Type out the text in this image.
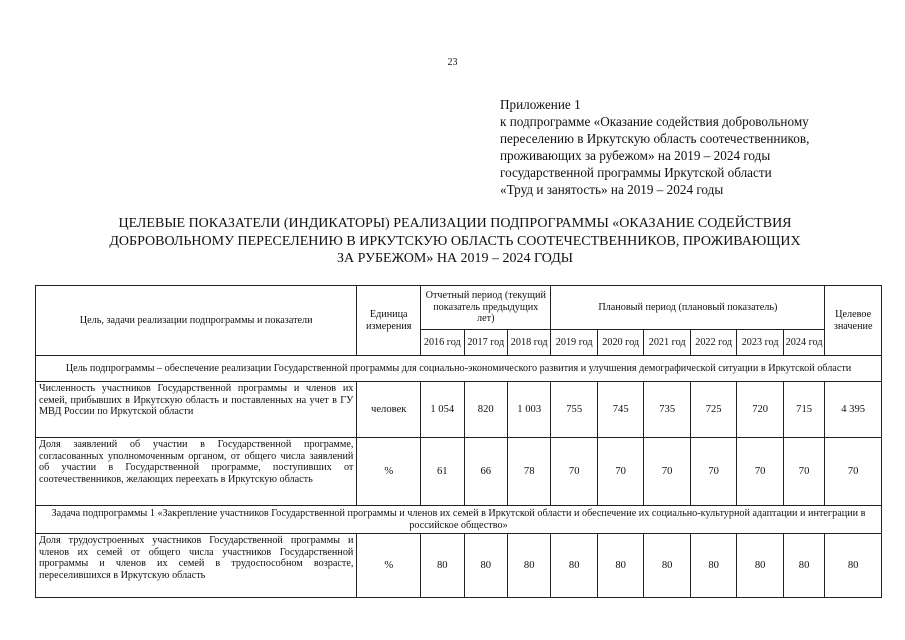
23
Приложение 1
к подпрограмме «Оказание содействия добровольному
переселению в Иркутскую область соотечественников,
проживающих за рубежом» на 2019 – 2024 годы
государственной программы Иркутской области
«Труд и занятость» на 2019 – 2024 годы
ЦЕЛЕВЫЕ ПОКАЗАТЕЛИ (ИНДИКАТОРЫ) РЕАЛИЗАЦИИ ПОДПРОГРАММЫ «ОКАЗАНИЕ СОДЕЙСТВИЯ
ДОБРОВОЛЬНОМУ ПЕРЕСЕЛЕНИЮ В ИРКУТСКУЮ ОБЛАСТЬ СООТЕЧЕСТВЕННИКОВ, ПРОЖИВАЮЩИХ
ЗА РУБЕЖОМ» НА 2019 – 2024 ГОДЫ
Цель, задачи реализации подпрограммы и показатели	Единица измерения	Отчетный период (текущий показатель предыдущих лет)			Плановый период (плановый показатель)						Целевое значение
		2016 год	2017 год	2018 год	2019 год	2020 год	2021 год	2022 год	2023 год	2024 год	
Цель подпрограммы – обеспечение реализации Государственной программы для социально-экономического развития и улучшения демографической ситуации в Иркутской области											
Численность участников Государственной программы и членов их семей, прибывших в Иркутскую область и поставленных на учет в ГУ МВД России по Иркутской области	человек	1 054	820	1 003	755	745	735	725	720	715	4 395
Доля заявлений об участии в Государственной программе, согласованных уполномоченным органом, от общего числа заявлений об участии в Государственной программе, поступивших от соотечественников, желающих переехать в Иркутскую область	%	61	66	78	70	70	70	70	70	70	70
Задача подпрограммы 1 «Закрепление участников Государственной программы и членов их семей в Иркутской области и обеспечение их социально-культурной адаптации и интеграции в российское общество»											
Доля трудоустроенных участников Государственной программы и членов их семей от общего числа участников Государственной программы и членов их семей в трудоспособном возрасте, переселившихся в Иркутскую область	%	80	80	80	80	80	80	80	80	80	80
